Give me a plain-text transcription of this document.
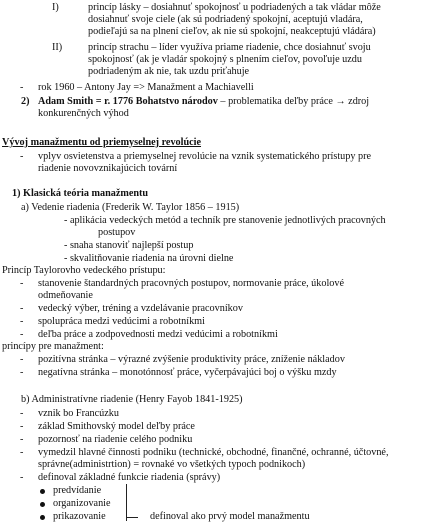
I)	princíp lásky – dosiahnuť spokojnosť u podriadených a tak vládar môže
dosiahnuť svoje ciele (ak sú podriadený spokojní, aceptujú vladára,
podieľajú sa na plnení cieľov, ak nie sú spokojní, neakceptujú vládára)
II)	princíp strachu – líder využíva priame riadenie, chce dosiahnuť svoju
spokojnosť (ak je vladár spokojný s plnením cieľov, povoľuje uzdu
podriadeným ak nie, tak uzdu priťahuje
- rok 1960 – Antony Jay => Manažment a Machiavelli
2) Adam Smith = r. 1776 Bohatstvo národov – problematika deľby práce → zdroj
konkurenčných výhod
Vývoj manažmentu od priemyselnej revolúcie
- vplyv osvietenstva a priemyselnej revolúcie na vznik systematického prístupy pre
riadenie novovznikajúcich tovární
1) Klasická teória manažmentu
a) Vedenie riadenia (Frederik W. Taylor 1856 – 1915)
- aplikácia vedeckých metód a techník pre stanovenie jednotlivých pracovných
postupov
- snaha stanoviť najlepší postup
- skvalitňovanie riadenia na úrovni dielne
Princíp Taylorovho vedeckého prístupu:
- stanovenie štandardných pracovných postupov, normovanie práce, úkolové
odmeňovanie
- vedecký výber, tréning a vzdelávanie pracovníkov
- spolupráca medzi vedúcimi a robotníkmi
- deľba práce a zodpovednosti medzi vedúcimi a robotníkmi
princípy pre manažment:
- pozitívna stránka – výrazné zvýšenie produktivity práce, zníženie nákladov
- negatívna stránka – monotónnosť práce, vyčerpávajúci boj o výšku mzdy
b) Administratívne riadenie (Henry Fayob 1841-1925)
- vznik bo Francúzku
- základ Smithovský model deľby práce
- pozornosť na riadenie celého podniku
- vymedzil hlavné činnosti podniku (technické, obchodné, finančné, ochranné, účtovné,
správne(administrtion) = rovnaké vo všetkých typoch podnikoch)
- definoval základné funkcie riadenia (správy)
predvídanie
organizovanie
prikazovanie	definoval ako prvý model manažmentu
